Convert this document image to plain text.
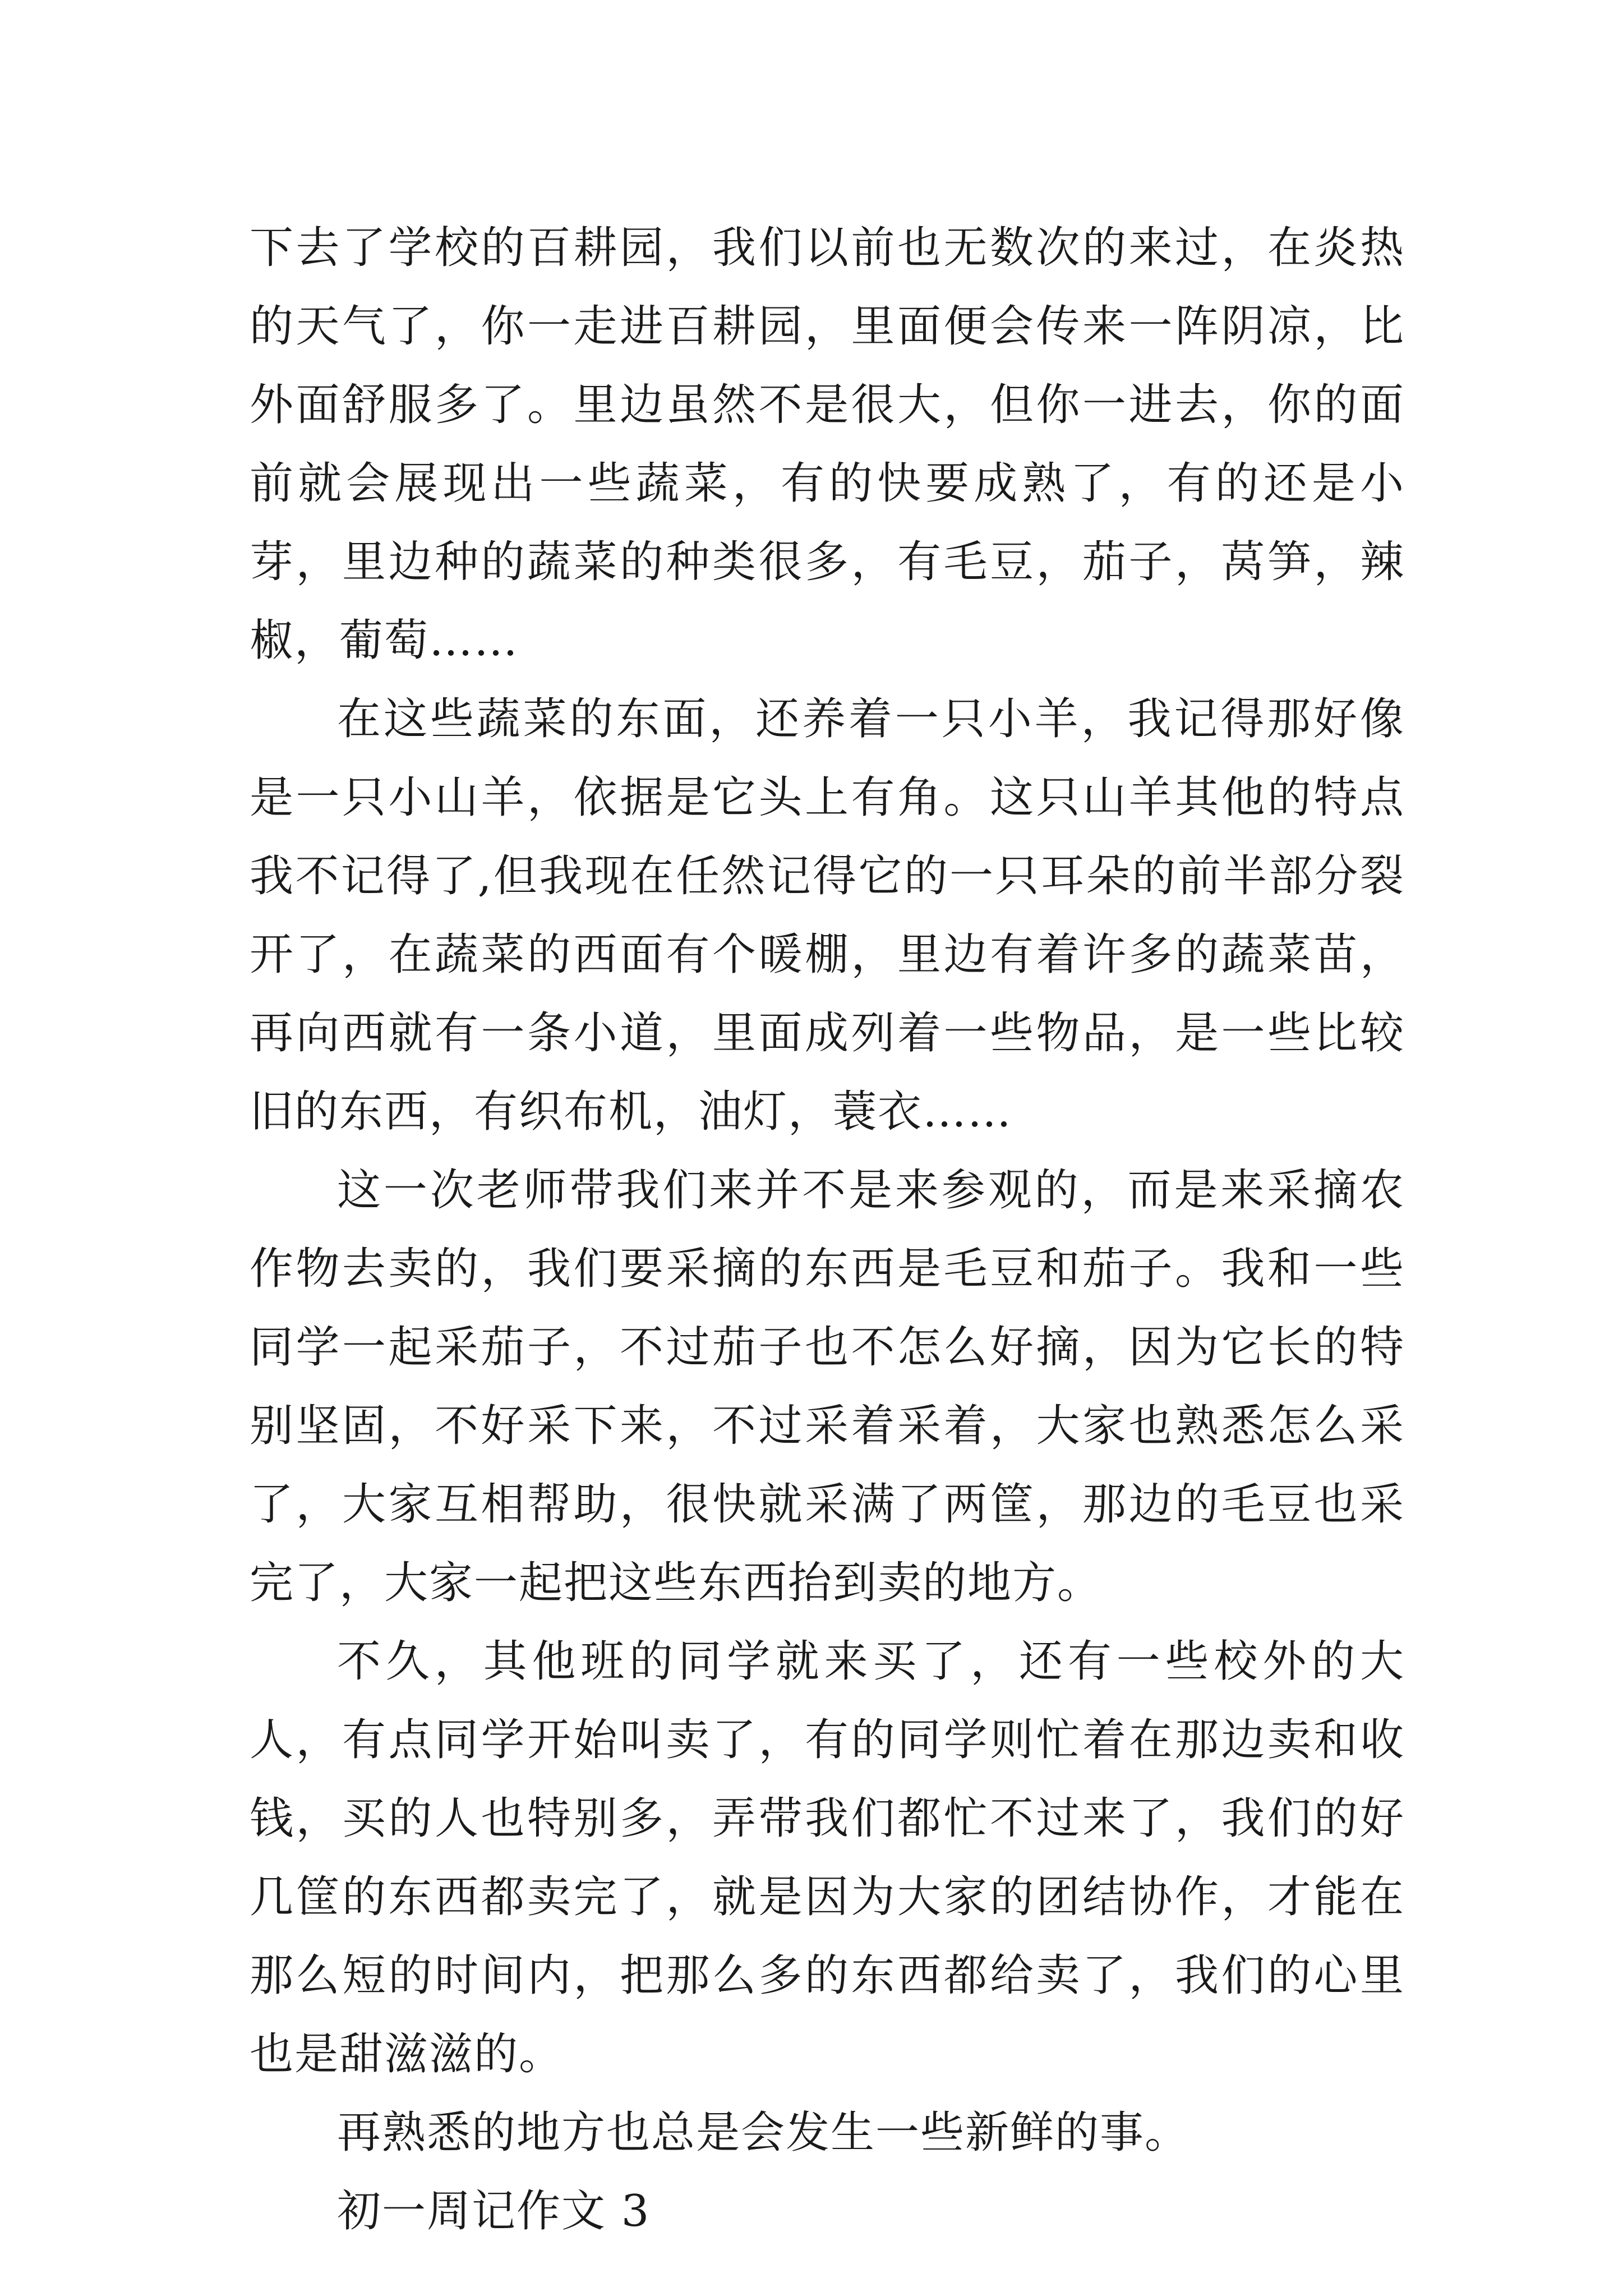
下去了学校的百耕园，我们以前也无数次的来过，在炎热的天气了，你一走进百耕园，里面便会传来一阵阴凉，比外面舒服多了。里边虽然不是很大，但你一进去，你的面前就会展现出一些蔬菜，有的快要成熟了，有的还是小芽，里边种的蔬菜的种类很多，有毛豆，茄子，莴笋，辣椒，葡萄……

在这些蔬菜的东面，还养着一只小羊，我记得那好像是一只小山羊，依据是它头上有角。这只山羊其他的特点我不记得了,但我现在任然记得它的一只耳朵的前半部分裂开了，在蔬菜的西面有个暖棚，里边有着许多的蔬菜苗，再向西就有一条小道，里面成列着一些物品，是一些比较旧的东西，有织布机，油灯，蓑衣……

这一次老师带我们来并不是来参观的，而是来采摘农作物去卖的，我们要采摘的东西是毛豆和茄子。我和一些同学一起采茄子，不过茄子也不怎么好摘，因为它长的特别坚固，不好采下来，不过采着采着，大家也熟悉怎么采了，大家互相帮助，很快就采满了两筐，那边的毛豆也采完了，大家一起把这些东西抬到卖的地方。

不久，其他班的同学就来买了，还有一些校外的大人，有点同学开始叫卖了，有的同学则忙着在那边卖和收钱，买的人也特别多，弄带我们都忙不过来了，我们的好几筐的东西都卖完了，就是因为大家的团结协作，才能在那么短的时间内，把那么多的东西都给卖了，我们的心里也是甜滋滋的。

再熟悉的地方也总是会发生一些新鲜的事。

初一周记作文 3
